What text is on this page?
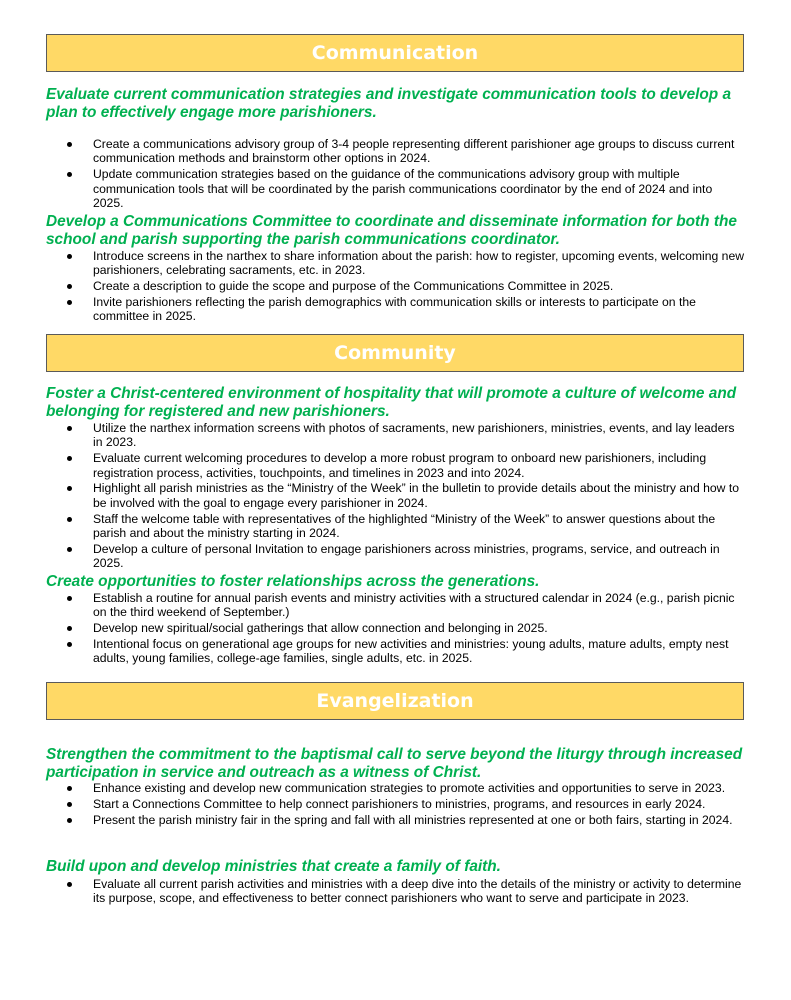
Communication
Evaluate current communication strategies and investigate communication tools to develop a plan to effectively engage more parishioners.
Create a communications advisory group of 3-4 people representing different parishioner age groups to discuss current communication methods and brainstorm other options in 2024.
Update communication strategies based on the guidance of the communications advisory group with multiple communication tools that will be coordinated by the parish communications coordinator by the end of 2024 and into 2025.
Develop a Communications Committee to coordinate and disseminate information for both the school and parish supporting the parish communications coordinator.
Introduce screens in the narthex to share information about the parish: how to register, upcoming events, welcoming new parishioners, celebrating sacraments, etc. in 2023.
Create a description to guide the scope and purpose of the Communications Committee in 2025.
Invite parishioners reflecting the parish demographics with communication skills or interests to participate on the committee in 2025.
Community
Foster a Christ-centered environment of hospitality that will promote a culture of welcome and belonging for registered and new parishioners.
Utilize the narthex information screens with photos of sacraments, new parishioners, ministries, events, and lay leaders in 2023.
Evaluate current welcoming procedures to develop a more robust program to onboard new parishioners, including registration process, activities, touchpoints, and timelines in 2023 and into 2024.
Highlight all parish ministries as the “Ministry of the Week” in the bulletin to provide details about the ministry and how to be involved with the goal to engage every parishioner in 2024.
Staff the welcome table with representatives of the highlighted “Ministry of the Week” to answer questions about the parish and about the ministry starting in 2024.
Develop a culture of personal Invitation to engage parishioners across ministries, programs, service, and outreach in 2025.
Create opportunities to foster relationships across the generations.
Establish a routine for annual parish events and ministry activities with a structured calendar in 2024 (e.g., parish picnic on the third weekend of September.)
Develop new spiritual/social gatherings that allow connection and belonging in 2025.
Intentional focus on generational age groups for new activities and ministries: young adults, mature adults, empty nest adults, young families, college-age families, single adults, etc. in 2025.
Evangelization
Strengthen the commitment to the baptismal call to serve beyond the liturgy through increased participation in service and outreach as a witness of Christ.
Enhance existing and develop new communication strategies to promote activities and opportunities to serve in 2023.
Start a Connections Committee to help connect parishioners to ministries, programs, and resources in early 2024.
Present the parish ministry fair in the spring and fall with all ministries represented at one or both fairs, starting in 2024.
Build upon and develop ministries that create a family of faith.
Evaluate all current parish activities and ministries with a deep dive into the details of the ministry or activity to determine its purpose, scope, and effectiveness to better connect parishioners who want to serve and participate in 2023.
